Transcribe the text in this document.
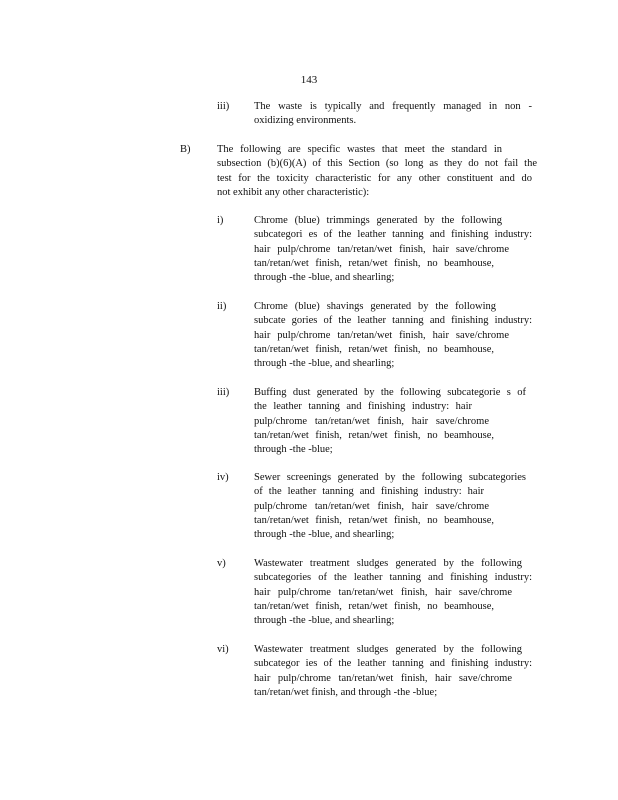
143
iii) The waste is typically and frequently managed in non -
oxidizing environments.
B)	The following are specific wastes that meet the standard in
subsection (b)(6)(A) of this Section (so long as they do not fail the
test for the toxicity characteristic for any other constituent and do
not exhibit any other characteristic):
i)	Chrome (blue) trimmings generated by the following
subcategori es of the leather tanning and finishing industry:
hair pulp/chrome tan/retan/wet finish, hair save/chrome
tan/retan/wet finish, retan/wet finish, no beamhouse,
through -the -blue, and shearling;
ii)	Chrome (blue) shavings generated by the following
subcate gories of the leather tanning and finishing industry:
hair pulp/chrome tan/retan/wet finish, hair save/chrome
tan/retan/wet finish, retan/wet finish, no beamhouse,
through -the -blue, and shearling;
iii) Buffing dust generated by the following subcategorie s of
the leather tanning and finishing industry: hair
pulp/chrome tan/retan/wet finish, hair save/chrome
tan/retan/wet finish, retan/wet finish, no beamhouse,
through -the -blue;
iv) Sewer screenings generated by the following subcategories
of the leather tanning and finishing industry: hair
pulp/chrome tan/retan/wet finish, hair save/chrome
tan/retan/wet finish, retan/wet finish, no beamhouse,
through -the -blue, and shearling;
v)	Wastewater treatment sludges generated by the following
subcategories of the leather tanning and finishing industry:
hair pulp/chrome tan/retan/wet finish, hair save/chrome
tan/retan/wet finish, retan/wet finish, no beamhouse,
through -the -blue, and shearling;
vi) Wastewater treatment sludges generated by the following
subcategor ies of the leather tanning and finishing industry:
hair pulp/chrome tan/retan/wet finish, hair save/chrome
tan/retan/wet finish, and through -the -blue;
